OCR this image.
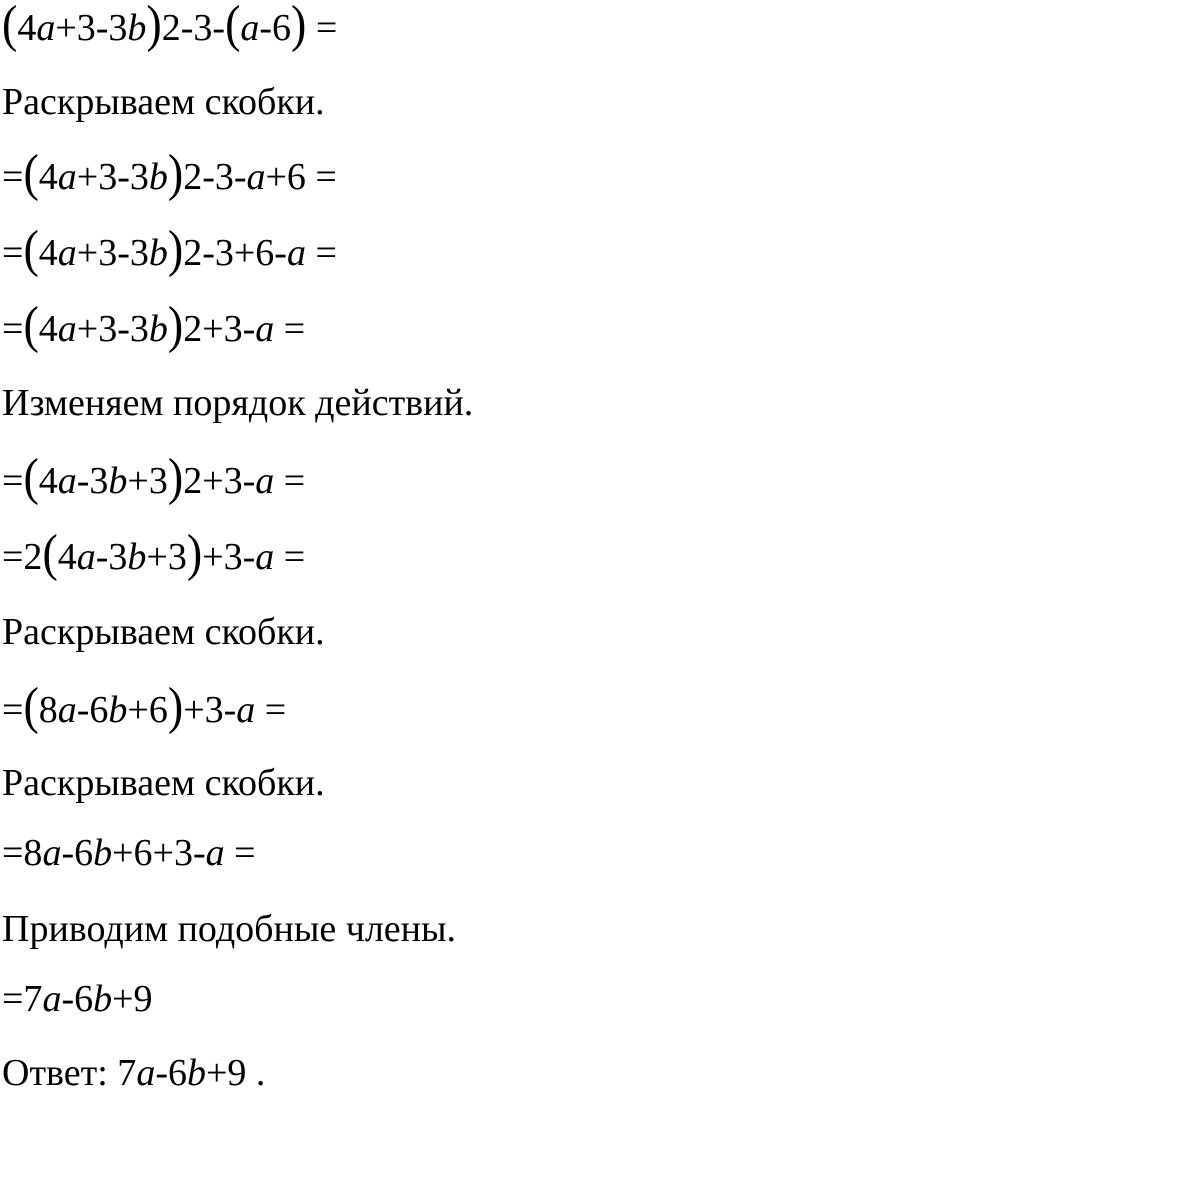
(4a+3-3b)2-3-(a-6) =
Раскрываем скобки.
=(4a+3-3b)2-3-a+6 =
=(4a+3-3b)2-3+6-a =
=(4a+3-3b)2+3-a =
Изменяем порядок действий.
=(4a-3b+3)2+3-a =
=2(4a-3b+3)+3-a =
Раскрываем скобки.
=(8a-6b+6)+3-a =
Раскрываем скобки.
=8a-6b+6+3-a =
Приводим подобные члены.
=7a-6b+9
Ответ: 7a-6b+9 .
